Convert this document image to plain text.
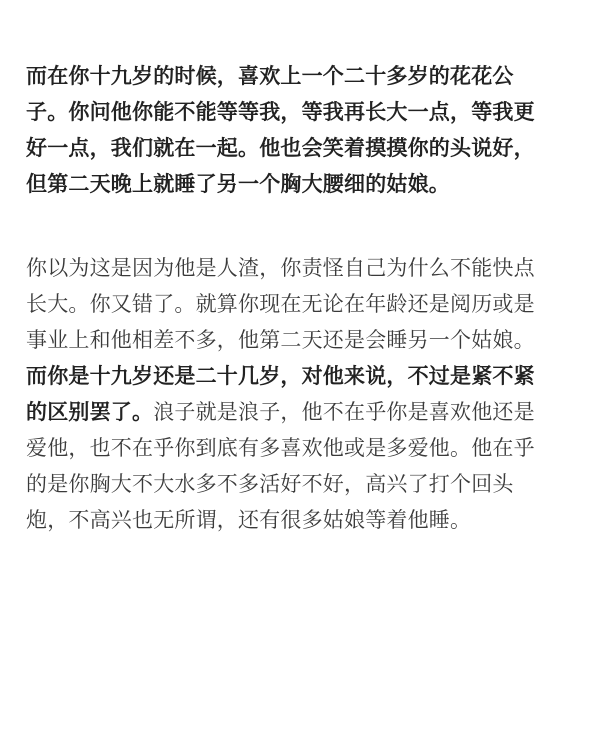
而在你十九岁的时候，喜欢上一个二十多岁的花花公
子。你问他你能不能等等我，等我再长大一点，等我更
好一点，我们就在一起。他也会笑着摸摸你的头说好，
但第二天晚上就睡了另一个胸大腰细的姑娘。
你以为这是因为他是人渣，你责怪自己为什么不能快点
长大。你又错了。就算你现在无论在年龄还是阅历或是
事业上和他相差不多，他第二天还是会睡另一个姑娘。
而你是十九岁还是二十几岁，对他来说，不过是紧不紧
的区别罢了。浪子就是浪子，他不在乎你是喜欢他还是
爱他，也不在乎你到底有多喜欢他或是多爱他。他在乎
的是你胸大不大水多不多活好不好，高兴了打个回头
炮，不高兴也无所谓，还有很多姑娘等着他睡。
